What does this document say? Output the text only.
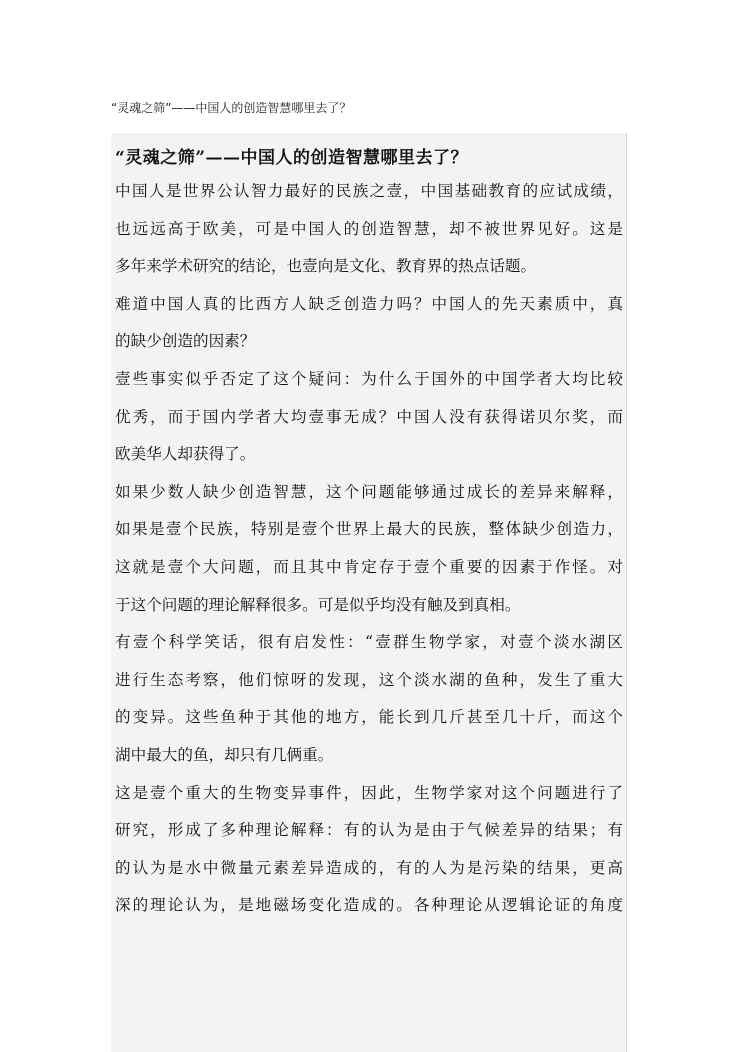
“灵魂之筛”——中国人的创造智慧哪里去了？
“灵魂之筛”——中国人的创造智慧哪里去了？
中国人是世界公认智力最好的民族之壹，中国基础教育的应试成绩，
也远远高于欧美，可是中国人的创造智慧，却不被世界见好。这是
多年来学术研究的结论，也壹向是文化、教育界的热点话题。
难道中国人真的比西方人缺乏创造力吗？中国人的先天素质中，真
的缺少创造的因素？
壹些事实似乎否定了这个疑问：为什么于国外的中国学者大均比较
优秀，而于国内学者大均壹事无成？中国人没有获得诺贝尔奖，而
欧美华人却获得了。
如果少数人缺少创造智慧，这个问题能够通过成长的差异来解释，
如果是壹个民族，特别是壹个世界上最大的民族，整体缺少创造力，
这就是壹个大问题，而且其中肯定存于壹个重要的因素于作怪。对
于这个问题的理论解释很多。可是似乎均没有触及到真相。
有壹个科学笑话，很有启发性：“壹群生物学家，对壹个淡水湖区
进行生态考察，他们惊呀的发现，这个淡水湖的鱼种，发生了重大
的变异。这些鱼种于其他的地方，能长到几斤甚至几十斤，而这个
湖中最大的鱼，却只有几俩重。
这是壹个重大的生物变异事件，因此，生物学家对这个问题进行了
研究，形成了多种理论解释：有的认为是由于气候差异的结果；有
的认为是水中微量元素差异造成的，有的人为是污染的结果，更高
深的理论认为，是地磁场变化造成的。各种理论从逻辑论证的角度
